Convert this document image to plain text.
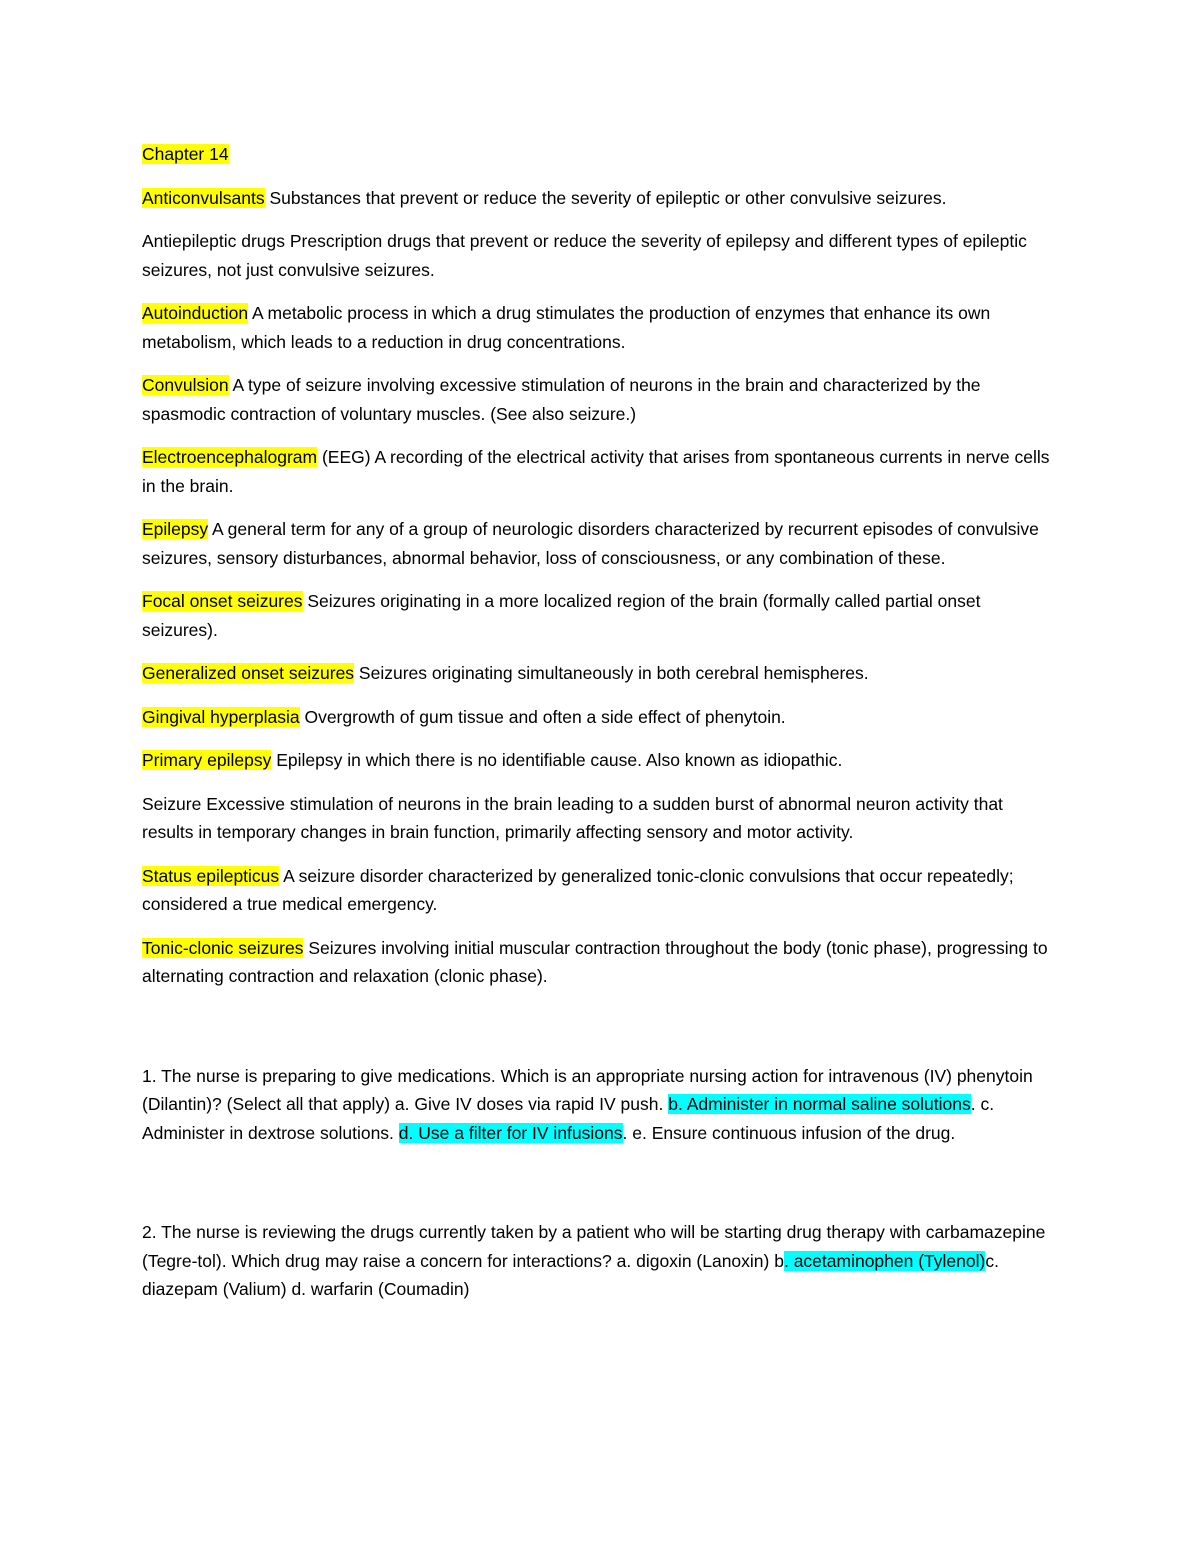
Chapter 14

Anticonvulsants Substances that prevent or reduce the severity of epileptic or other convulsive seizures.

Antiepileptic drugs Prescription drugs that prevent or reduce the severity of epilepsy and different types of epileptic seizures, not just convulsive seizures.

Autoinduction A metabolic process in which a drug stimulates the production of enzymes that enhance its own metabolism, which leads to a reduction in drug concentrations.

Convulsion A type of seizure involving excessive stimulation of neurons in the brain and characterized by the spasmodic contraction of voluntary muscles. (See also seizure.)

Electroencephalogram (EEG) A recording of the electrical activity that arises from spontaneous currents in nerve cells in the brain.

Epilepsy A general term for any of a group of neurologic disorders characterized by recurrent episodes of convulsive seizures, sensory disturbances, abnormal behavior, loss of consciousness, or any combination of these.

Focal onset seizures Seizures originating in a more localized region of the brain (formally called partial onset seizures).

Generalized onset seizures Seizures originating simultaneously in both cerebral hemispheres.

Gingival hyperplasia Overgrowth of gum tissue and often a side effect of phenytoin.

Primary epilepsy Epilepsy in which there is no identifiable cause. Also known as idiopathic.

Seizure Excessive stimulation of neurons in the brain leading to a sudden burst of abnormal neuron activity that results in temporary changes in brain function, primarily affecting sensory and motor activity.

Status epilepticus A seizure disorder characterized by generalized tonic-clonic convulsions that occur repeatedly; considered a true medical emergency.

Tonic-clonic seizures Seizures involving initial muscular contraction throughout the body (tonic phase), progressing to alternating contraction and relaxation (clonic phase).

1. The nurse is preparing to give medications. Which is an appropriate nursing action for intravenous (IV) phenytoin (Dilantin)? (Select all that apply) a. Give IV doses via rapid IV push. b. Administer in normal saline solutions. c. Administer in dextrose solutions. d. Use a filter for IV infusions. e. Ensure continuous infusion of the drug.

2. The nurse is reviewing the drugs currently taken by a patient who will be starting drug therapy with carbamazepine (Tegre-tol). Which drug may raise a concern for interactions? a. digoxin (Lanoxin) b. acetaminophen (Tylenol)c. diazepam (Valium) d. warfarin (Coumadin)
